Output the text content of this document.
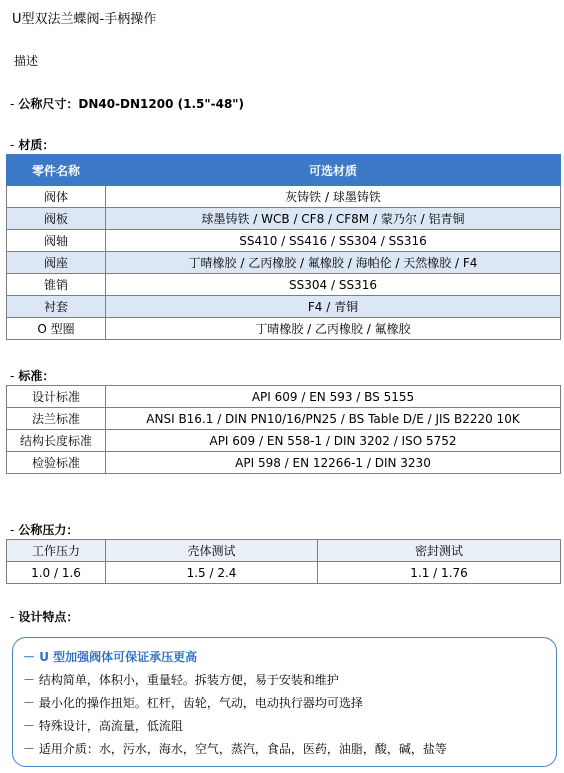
U型双法兰蝶阀-手柄操作
描述
- 公称尺寸：DN40-DN1200 (1.5"-48")
- 材质：
零件名称	可选材质
阀体	灰铸铁 / 球墨铸铁
阀板	球墨铸铁 / WCB / CF8 / CF8M / 蒙乃尔 / 铝青铜
阀轴	SS410 / SS416 / SS304 / SS316
阀座	丁晴橡胶 / 乙丙橡胶 / 氟橡胶 / 海帕伦 / 天然橡胶 / F4
锥销	SS304 / SS316
衬套	F4 / 青铜
O 型圈	丁晴橡胶 / 乙丙橡胶 / 氟橡胶
- 标准：
设计标准	API 609 / EN 593 / BS 5155
法兰标准	ANSI B16.1 / DIN PN10/16/PN25 / BS Table D/E / JIS B2220 10K
结构长度标准	API 609 / EN 558-1 / DIN 3202 / ISO 5752
检验标准	API 598 / EN 12266-1 / DIN 3230
- 公称压力：
工作压力	壳体测试	密封测试
1.0 / 1.6	1.5 / 2.4	1.1 / 1.76
- 设计特点：
－ U 型加强阀体可保证承压更高
－ 结构简单，体积小，重量轻。拆装方便，易于安装和维护
－ 最小化的操作扭矩。杠杆，齿轮，气动，电动执行器均可选择
－ 特殊设计，高流量，低流阻
－ 适用介质：水，污水，海水，空气，蒸汽，食品，医药，油脂，酸，碱，盐等
